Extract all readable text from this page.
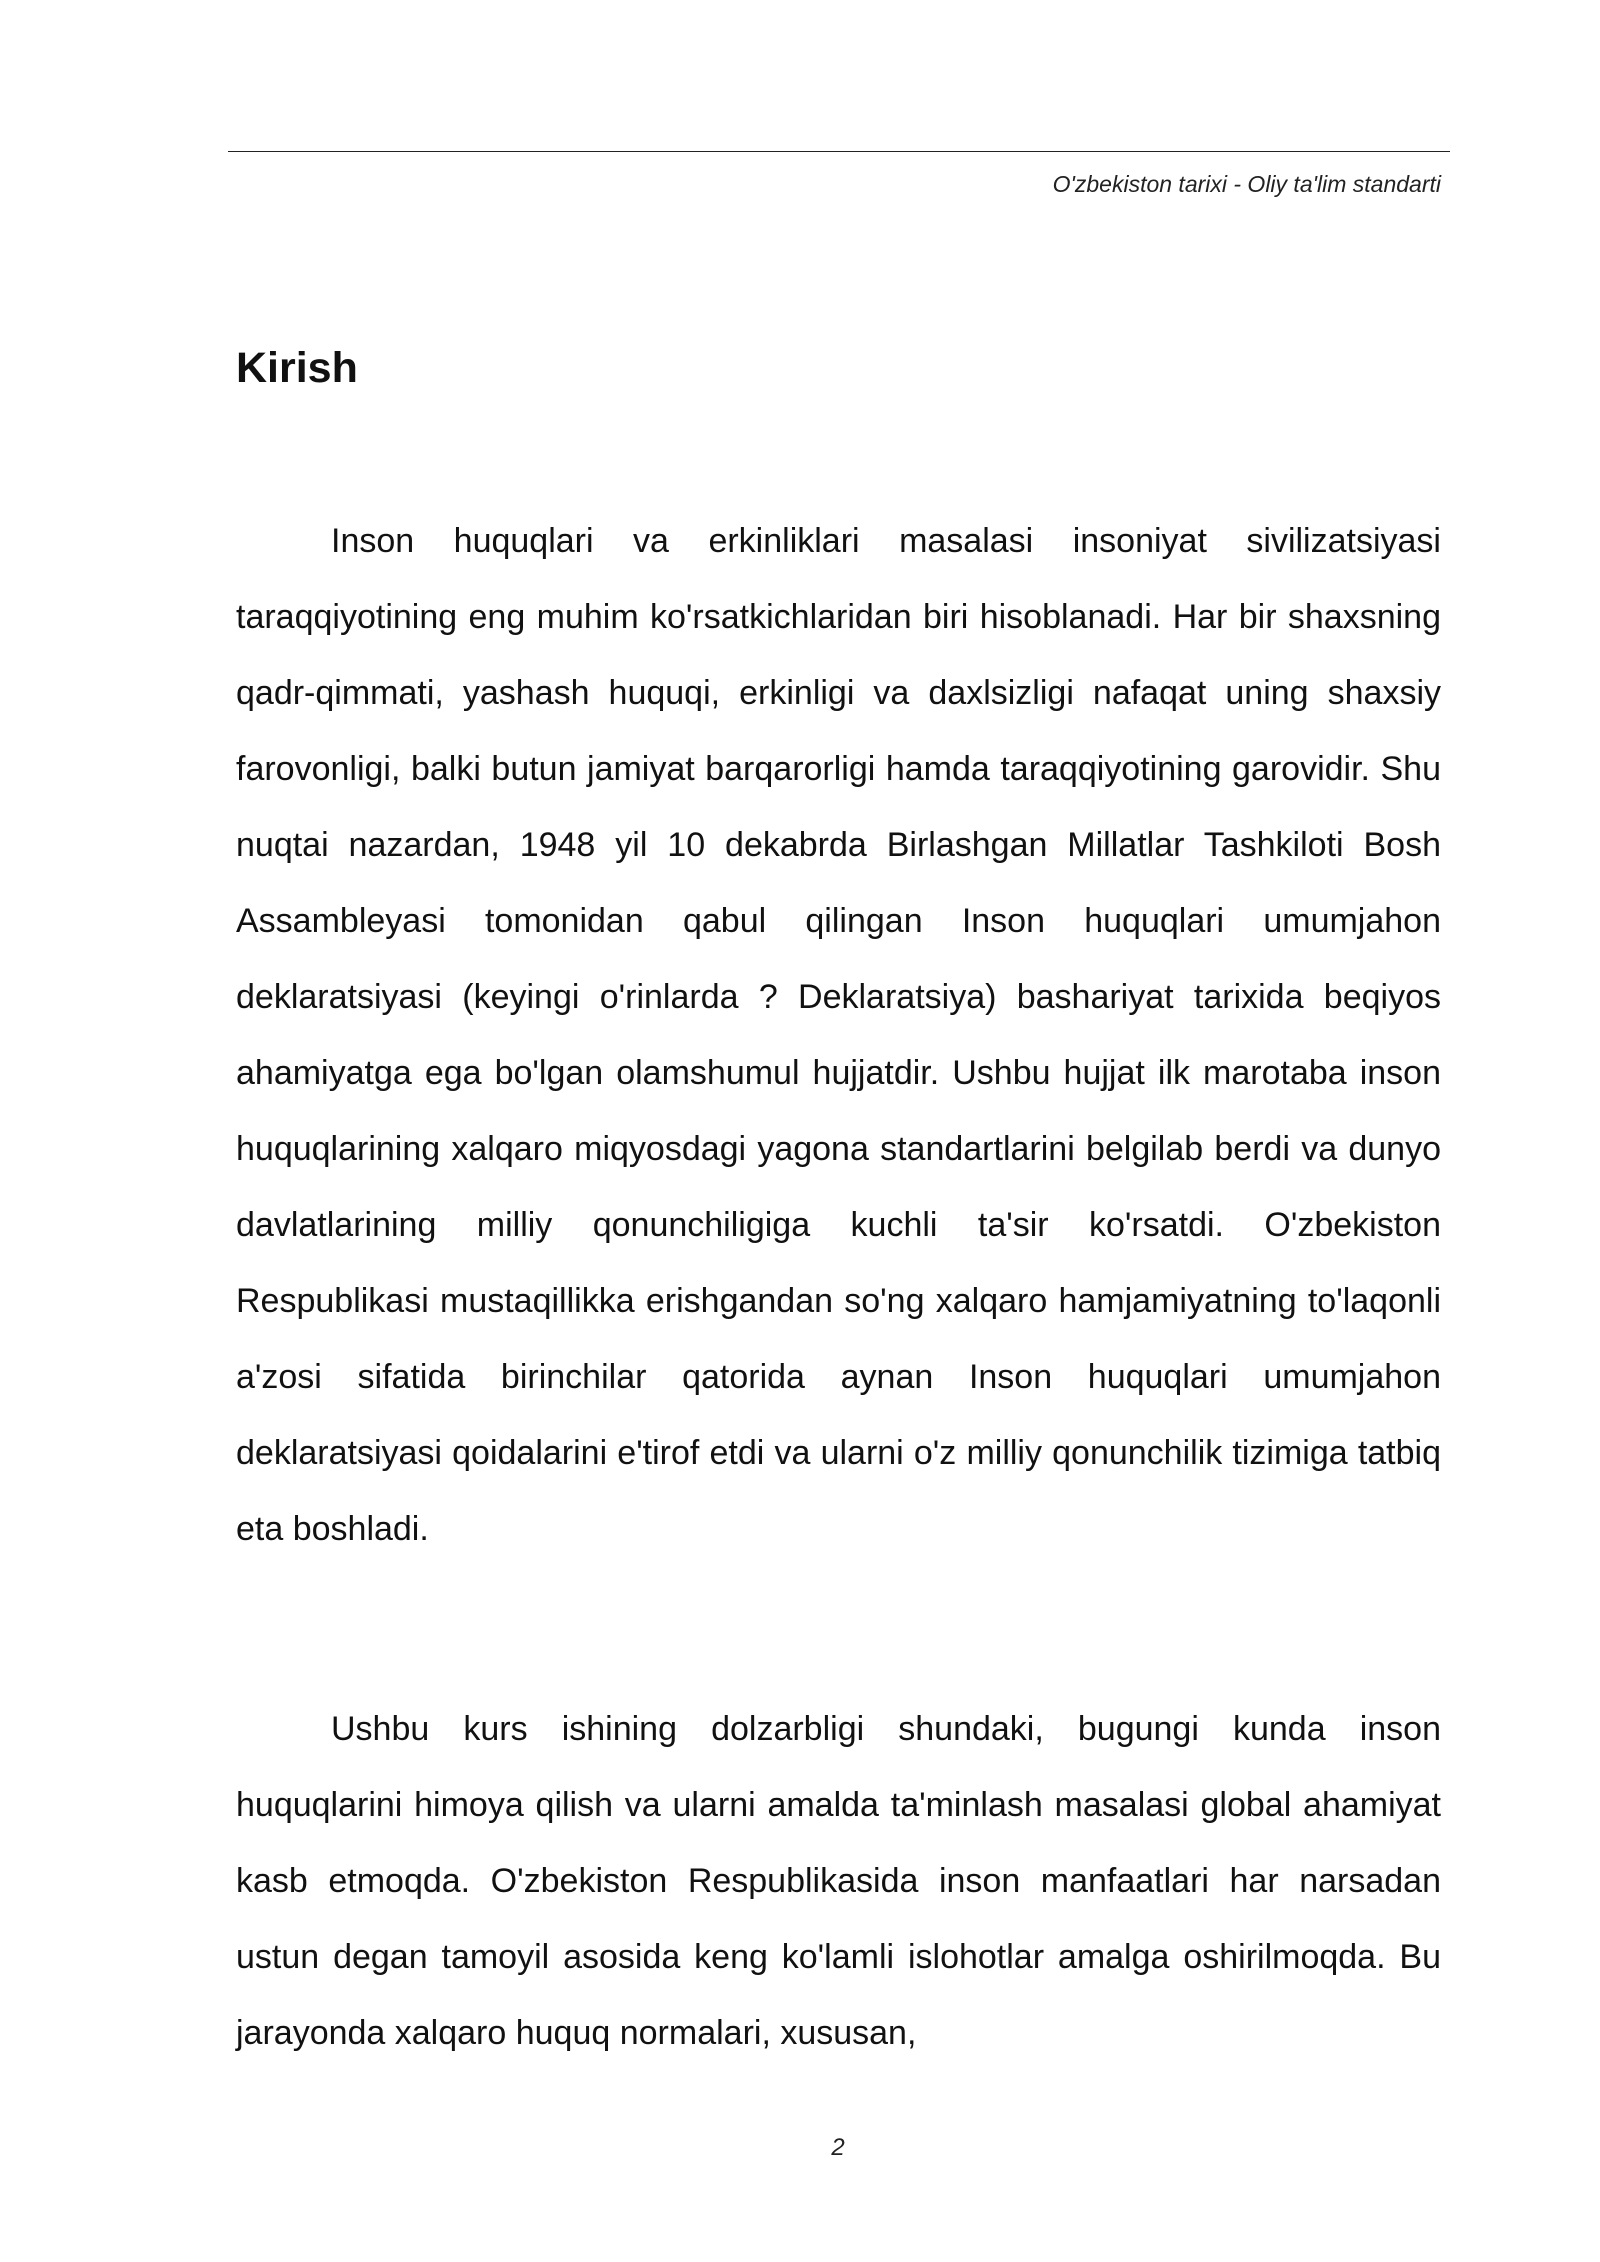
O'zbekiston tarixi - Oliy ta'lim standarti
Kirish

Inson huquqlari va erkinliklari masalasi insoniyat sivilizatsiyasi taraqqiyotining eng muhim ko'rsatkichlaridan biri hisoblanadi. Har bir shaxsning qadr-qimmati, yashash huquqi, erkinligi va daxlsizligi nafaqat uning shaxsiy farovonligi, balki butun jamiyat barqarorligi hamda taraqqiyotining garovidir. Shu nuqtai nazardan, 1948 yil 10 dekabrda Birlashgan Millatlar Tashkiloti Bosh Assambleyasi tomonidan qabul qilingan Inson huquqlari umumjahon deklaratsiyasi (keyingi o'rinlarda ? Deklaratsiya) bashariyat tarixida beqiyos ahamiyatga ega bo'lgan olamshumul hujjatdir. Ushbu hujjat ilk marotaba inson huquqlarining xalqaro miqyosdagi yagona standartlarini belgilab berdi va dunyo davlatlarining milliy qonunchiligiga kuchli ta'sir ko'rsatdi. O'zbekiston Respublikasi mustaqillikka erishgandan so'ng xalqaro hamjamiyatning to'laqonli a'zosi sifatida birinchilar qatorida aynan Inson huquqlari umumjahon deklaratsiyasi qoidalarini e'tirof etdi va ularni o'z milliy qonunchilik tizimiga tatbiq eta boshladi.

Ushbu kurs ishining dolzarbligi shundaki, bugungi kunda inson huquqlarini himoya qilish va ularni amalda ta'minlash masalasi global ahamiyat kasb etmoqda. O'zbekiston Respublikasida inson manfaatlari har narsadan ustun degan tamoyil asosida keng ko'lamli islohotlar amalga oshirilmoqda. Bu jarayonda xalqaro huquq normalari, xususan,

2
